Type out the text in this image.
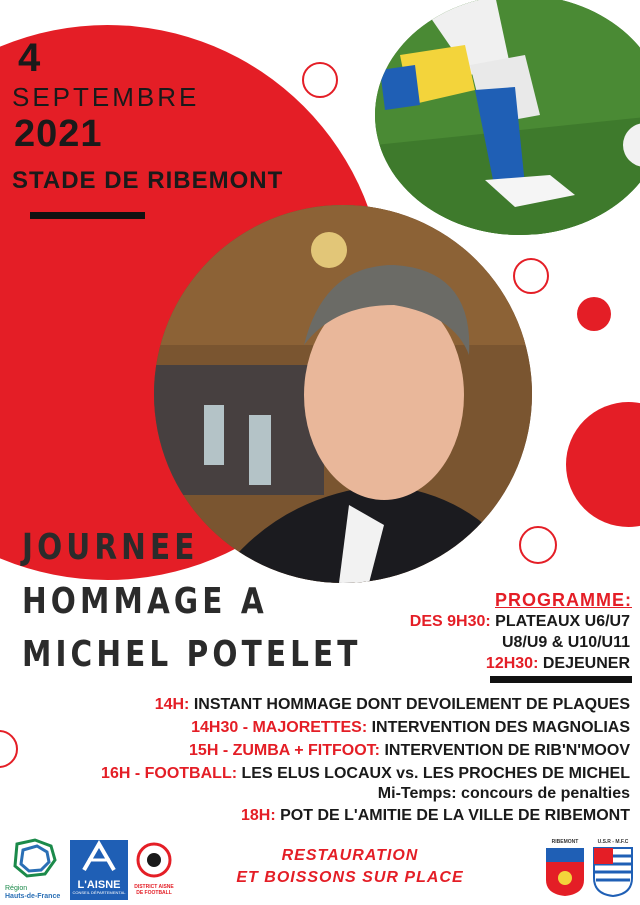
4
SEPTEMBRE
2021
STADE DE RIBEMONT
JOURNEE
HOMMAGE A
MICHEL POTELET
PROGRAMME:
DES 9H30: PLATEAUX U6/U7
U8/U9 & U10/U11
12H30: DEJEUNER
14H: INSTANT HOMMAGE DONT DEVOILEMENT DE PLAQUES
14H30 - MAJORETTES: INTERVENTION DES MAGNOLIAS
15H - ZUMBA + FITFOOT: INTERVENTION DE RIB'N'MOOV
16H - FOOTBALL: LES ELUS LOCAUX vs. LES PROCHES DE MICHEL
Mi-Temps: concours de penalties
18H: POT DE L'AMITIE DE LA VILLE DE RIBEMONT
RESTAURATION
ET BOISSONS SUR PLACE
Région
Hauts-de-France
L'AISNE
CONSEIL DÉPARTEMENTAL
DISTRICT AISNE DE FOOTBALL
RIBEMONT	U.S.R - M.F.C
